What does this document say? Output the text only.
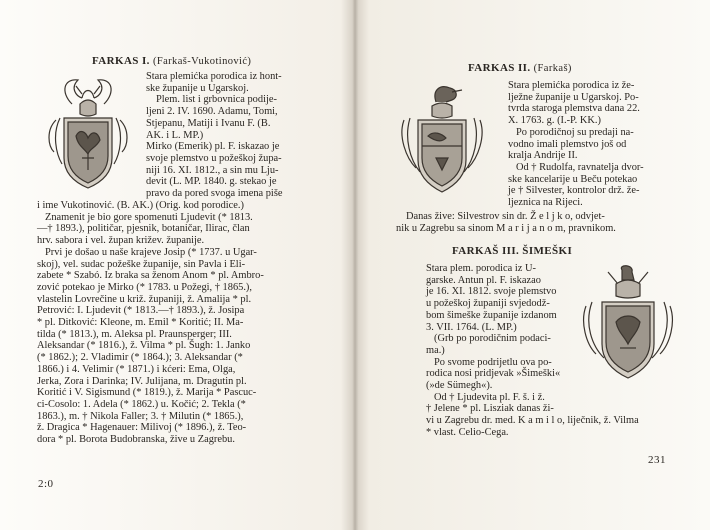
FARKAS I. (Farkaš-Vukotinović)
Stara plemićka porodica iz hont-
ske županije u Ugarskoj.
Plem. list i grbovnica podije-
ljeni 2. IV. 1690. Adamu, Tomi,
Stjepanu, Matiji i Ivanu F. (B.
AK. i L. MP.)
Mirko (Emerik) pl. F. iskazao je
svoje plemstvo u požeškoj župa-
niji 16. XI. 1812., a sin mu Lju-
devit (L. MP. 1840. g. stekao je
pravo da pored svoga imena piše
i ime Vukotinović. (B. AK.) (Orig. kod porodice.)
Znamenit je bio gore spomenuti Ljudevit (* 1813.
—† 1893.), političar, pjesnik, botaničar, Ilirac, član
hrv. sabora i vel. župan križev. županije.
Prvi je došao u naše krajeve Josip (* 1737. u Ugar-
skoj), vel. sudac požeške županije, sin Pavla i Eli-
zabete * Szabó. Iz braka sa ženom Anom * pl. Ambro-
zović potekao je Mirko (* 1783. u Požegi, † 1865.),
vlastelin Lovrečine u križ. županiji, ž. Amalija * pl.
Petrović: I. Ljudevit (* 1813.—† 1893.), ž. Josipa
* pl. Ditković: Kleone, m. Emil * Koritić; II. Ma-
tilda (* 1813.), m. Aleksa pl. Praunsperger; III.
Aleksandar (* 1816.), ž. Vilma * pl. Šugh: 1. Janko
(* 1862.); 2. Vladimir (* 1864.); 3. Aleksandar (*
1866.) i 4. Velimir (* 1871.) i kćeri: Ema, Olga,
Jerka, Zora i Darinka; IV. Julijana, m. Dragutin pl.
Koritić i V. Sigismund (* 1819.), ž. Marija * Pascuc-
ci-Cosolo: 1. Adela (* 1862.) u. Kočić; 2. Tekla (*
1863.), m. † Nikola Faller; 3. † Milutin (* 1865.),
ž. Dragica * Hagenauer: Milivoj (* 1896.), ž. Teo-
dora * pl. Borota Budobranska, žive u Zagrebu.
2:0
FARKAS II. (Farkaš)
Stara plemićka porodica iz že-
lježne županije u Ugarskoj. Po-
tvrda staroga plemstva dana 22.
X. 1763. g. (I.-P. KK.)
Po porodičnoj su predaji na-
vodno imali plemstvo još od
kralja Andrije II.
Od † Rudolfa, ravnatelja dvor-
ske kancelarije u Beču potekao
je † Silvester, kontrolor drž. že-
ljeznica na Rijeci.
Danas žive: Silvestrov sin dr. Ž e l j k o, odvjet-
nik u Zagrebu sa sinom M a r i j a n o m, pravnikom.
FARKAŠ III. ŠIMEŠKI
Stara plem. porodica iz U-
garske. Antun pl. F. iskazao
je 16. XI. 1812. svoje plemstvo
u požeškoj županiji svjedodž-
bom šimeške županije izdanom
3. VII. 1764. (L. MP.)
(Grb po porodičnim podaci-
ma.)
Po svome podrijetlu ova po-
rodica nosi pridjevak »Šimeški«
(»de Sümegh«).
Od † Ljudevita pl. F. š. i ž.
† Jelene * pl. Lisziak danas ži-
vi u Zagrebu dr. med. K a m i l o, liječnik, ž. Vilma
* vlast. Celio-Cega.
231
